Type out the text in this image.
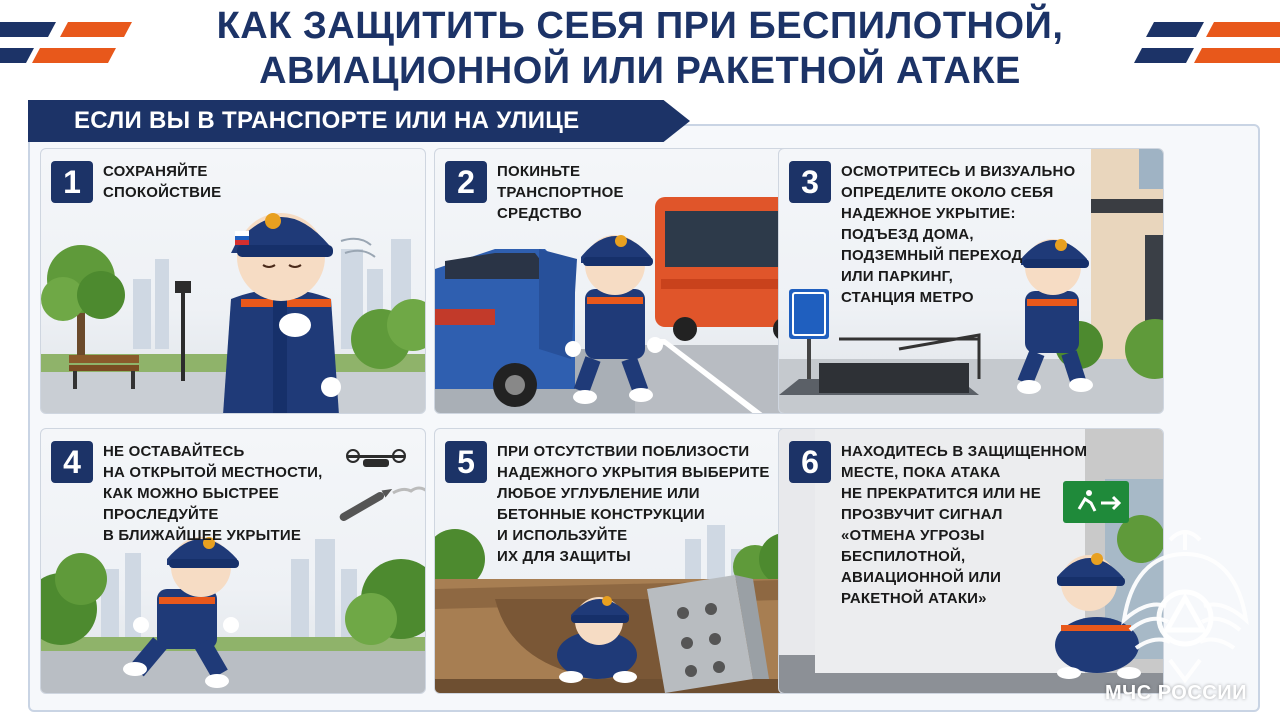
КАК ЗАЩИТИТЬ СЕБЯ ПРИ БЕСПИЛОТНОЙ,
АВИАЦИОННОЙ ИЛИ РАКЕТНОЙ АТАКЕ
ЕСЛИ ВЫ В ТРАНСПОРТЕ ИЛИ НА УЛИЦЕ
1	СОХРАНЯЙТЕ
СПОКОЙСТВИЕ	2	ПОКИНЬТЕ
ТРАНСПОРТНОЕ
СРЕДСТВО
3	ОСМОТРИТЕСЬ И ВИЗУАЛЬНО
ОПРЕДЕЛИТЕ ОКОЛО СЕБЯ
НАДЕЖНОЕ УКРЫТИЕ:
ПОДЪЕЗД ДОМА,
ПОДЗЕМНЫЙ ПЕРЕХОД
ИЛИ ПАРКИНГ,
СТАНЦИЯ МЕТРО
4	НЕ ОСТАВАЙТЕСЬ
НА ОТКРЫТОЙ МЕСТНОСТИ,
КАК МОЖНО БЫСТРЕЕ
ПРОСЛЕДУЙТЕ
В БЛИЖАЙШЕЕ УКРЫТИЕ
5	ПРИ ОТСУТСТВИИ ПОБЛИЗОСТИ
НАДЕЖНОГО УКРЫТИЯ ВЫБЕРИТЕ
ЛЮБОЕ УГЛУБЛЕНИЕ ИЛИ
БЕТОННЫЕ КОНСТРУКЦИИ
И ИСПОЛЬЗУЙТЕ
ИХ ДЛЯ ЗАЩИТЫ
6	НАХОДИТЕСЬ В ЗАЩИЩЕННОМ
МЕСТЕ, ПОКА АТАКА
НЕ ПРЕКРАТИТСЯ ИЛИ НЕ
ПРОЗВУЧИТ СИГНАЛ
«ОТМЕНА УГРОЗЫ
БЕСПИЛОТНОЙ,
АВИАЦИОННОЙ ИЛИ
РАКЕТНОЙ АТАКИ»
МЧС РОССИИ
